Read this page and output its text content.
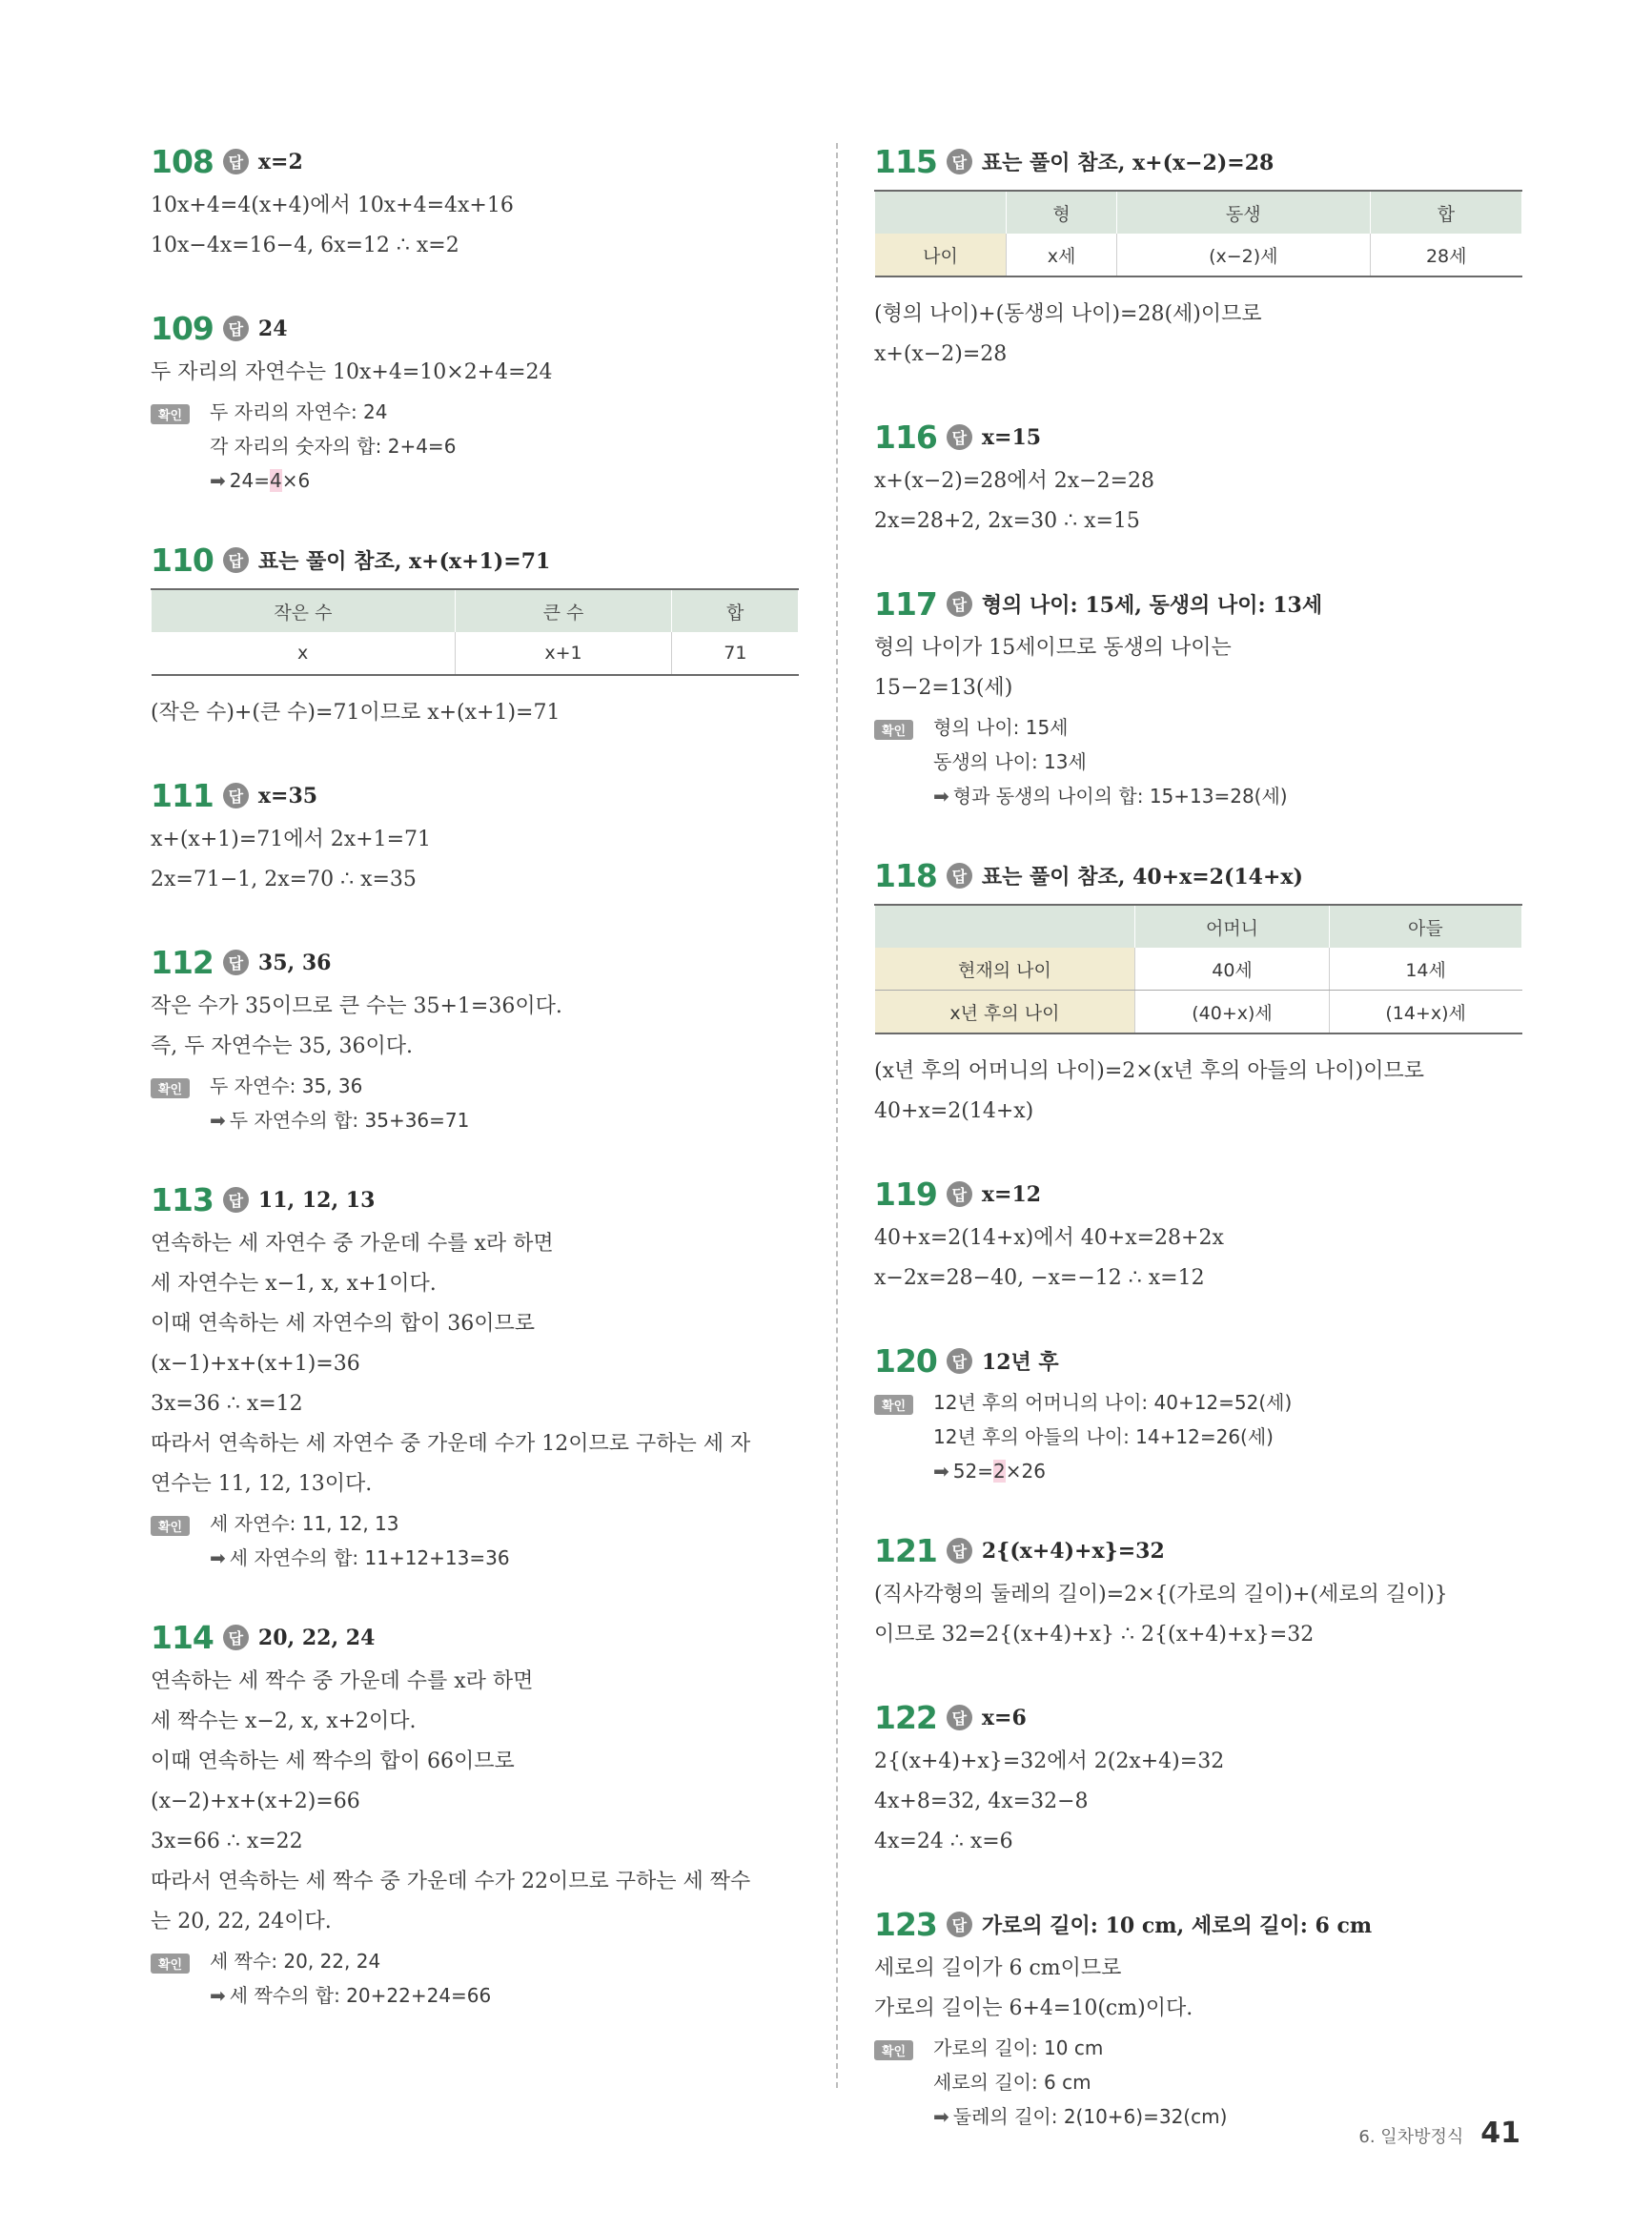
108 답 x=2
10x+4=4(x+4)에서 10x+4=4x+16
10x−4x=16−4, 6x=12 ∴ x=2
109 답 24
두 자리의 자연수는 10x+4=10×2+4=24
확인	두 자리의 자연수: 24
각 자리의 숫자의 합: 2+4=6
➡ 24=4×6
110 답 표는 풀이 참조, x+(x+1)=71
작은 수	큰 수	합
x	x+1	71
(작은 수)+(큰 수)=71이므로 x+(x+1)=71
111 답 x=35
x+(x+1)=71에서 2x+1=71
2x=71−1, 2x=70 ∴ x=35
112 답 35, 36
작은 수가 35이므로 큰 수는 35+1=36이다.
즉, 두 자연수는 35, 36이다.
확인	두 자연수: 35, 36
➡ 두 자연수의 합: 35+36=71
113 답 11, 12, 13
연속하는 세 자연수 중 가운데 수를 x라 하면
세 자연수는 x−1, x, x+1이다.
이때 연속하는 세 자연수의 합이 36이므로
(x−1)+x+(x+1)=36
3x=36 ∴ x=12
따라서 연속하는 세 자연수 중 가운데 수가 12이므로 구하는 세 자
연수는 11, 12, 13이다.
확인	세 자연수: 11, 12, 13
➡ 세 자연수의 합: 11+12+13=36
114 답 20, 22, 24
연속하는 세 짝수 중 가운데 수를 x라 하면
세 짝수는 x−2, x, x+2이다.
이때 연속하는 세 짝수의 합이 66이므로
(x−2)+x+(x+2)=66
3x=66 ∴ x=22
따라서 연속하는 세 짝수 중 가운데 수가 22이므로 구하는 세 짝수
는 20, 22, 24이다.
확인	세 짝수: 20, 22, 24
➡ 세 짝수의 합: 20+22+24=66
115 답 표는 풀이 참조, x+(x−2)=28
	형	동생	합
나이	x세	(x−2)세	28세
(형의 나이)+(동생의 나이)=28(세)이므로
x+(x−2)=28
116 답 x=15
x+(x−2)=28에서 2x−2=28
2x=28+2, 2x=30 ∴ x=15
117 답 형의 나이: 15세, 동생의 나이: 13세
형의 나이가 15세이므로 동생의 나이는
15−2=13(세)
확인	형의 나이: 15세
동생의 나이: 13세
➡ 형과 동생의 나이의 합: 15+13=28(세)
118 답 표는 풀이 참조, 40+x=2(14+x)
	어머니	아들
현재의 나이	40세	14세
x년 후의 나이	(40+x)세	(14+x)세
(x년 후의 어머니의 나이)=2×(x년 후의 아들의 나이)이므로
40+x=2(14+x)
119 답 x=12
40+x=2(14+x)에서 40+x=28+2x
x−2x=28−40, −x=−12 ∴ x=12
120 답 12년 후
확인	12년 후의 어머니의 나이: 40+12=52(세)
12년 후의 아들의 나이: 14+12=26(세)
➡ 52=2×26
121 답 2{(x+4)+x}=32
(직사각형의 둘레의 길이)=2×{(가로의 길이)+(세로의 길이)}
이므로 32=2{(x+4)+x} ∴ 2{(x+4)+x}=32
122 답 x=6
2{(x+4)+x}=32에서 2(2x+4)=32
4x+8=32, 4x=32−8
4x=24 ∴ x=6
123 답 가로의 길이: 10 cm, 세로의 길이: 6 cm
세로의 길이가 6 cm이므로
가로의 길이는 6+4=10(cm)이다.
확인	가로의 길이: 10 cm
세로의 길이: 6 cm
➡ 둘레의 길이: 2(10+6)=32(cm)
6. 일차방정식 41
